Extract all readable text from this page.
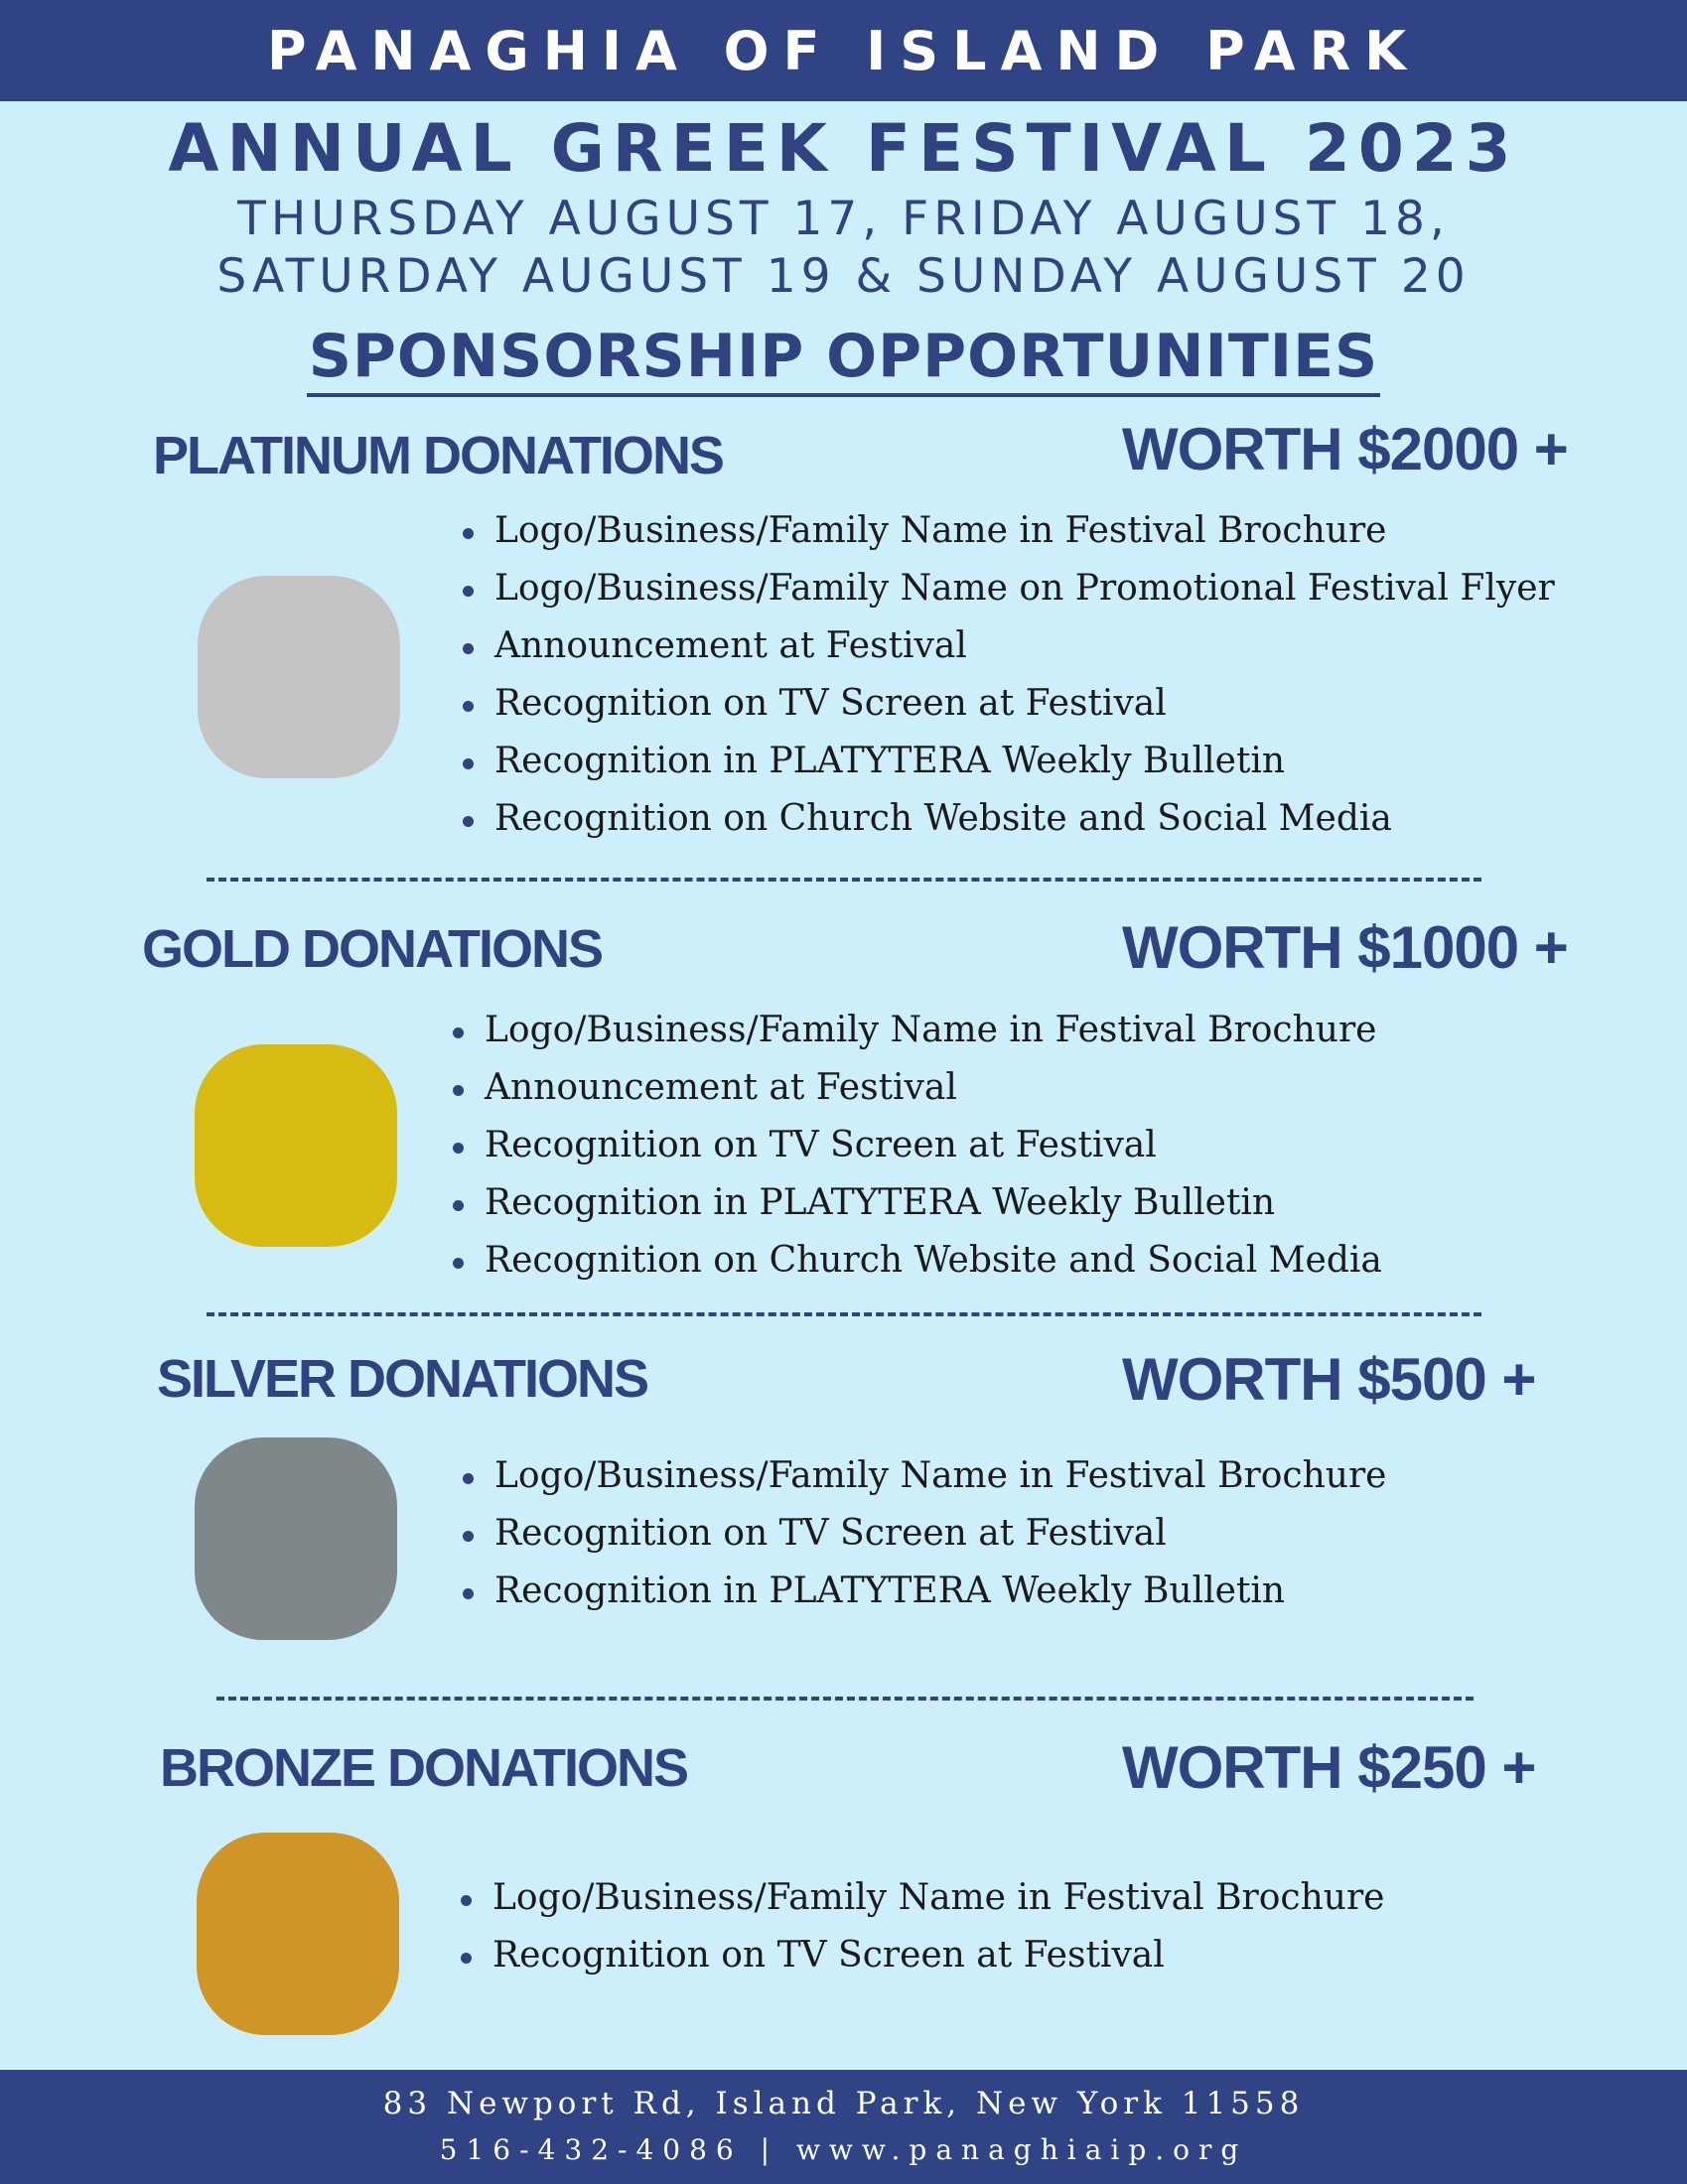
PANAGHIA OF ISLAND PARK
ANNUAL GREEK FESTIVAL 2023
THURSDAY AUGUST 17, FRIDAY AUGUST 18,
SATURDAY AUGUST 19 & SUNDAY AUGUST 20
SPONSORSHIP OPPORTUNITIES
PLATINUM DONATIONS	WORTH $2000 +
Logo/Business/Family Name in Festival Brochure
Logo/Business/Family Name on Promotional Festival Flyer
Announcement at Festival
Recognition on TV Screen at Festival
Recognition in PLATYTERA Weekly Bulletin
Recognition on Church Website and Social Media
GOLD DONATIONS	WORTH $1000 +
Logo/Business/Family Name in Festival Brochure
Announcement at Festival
Recognition on TV Screen at Festival
Recognition in PLATYTERA Weekly Bulletin
Recognition on Church Website and Social Media
SILVER DONATIONS	WORTH $500 +
Logo/Business/Family Name in Festival Brochure
Recognition on TV Screen at Festival
Recognition in PLATYTERA Weekly Bulletin
BRONZE DONATIONS	WORTH $250 +
Logo/Business/Family Name in Festival Brochure
Recognition on TV Screen at Festival
83 Newport Rd, Island Park, New York 11558
516-432-4086 | www.panaghiaip.org
